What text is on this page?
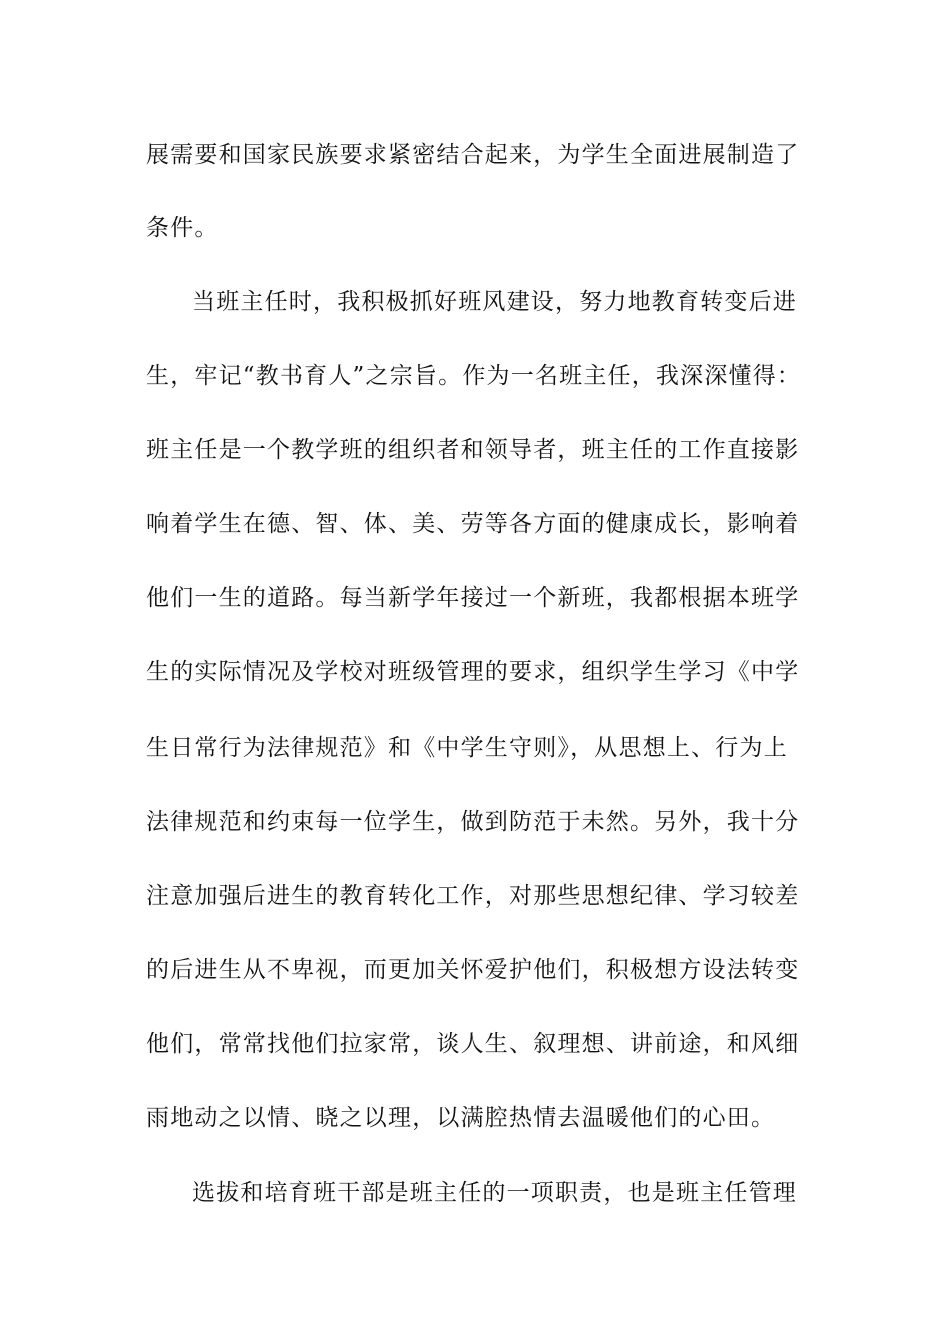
展需要和国家民族要求紧密结合起来，为学生全面进展制造了
条件。
当班主任时，我积极抓好班风建设，努力地教育转变后进
生，牢记“教书育人”之宗旨。作为一名班主任，我深深懂得：
班主任是一个教学班的组织者和领导者，班主任的工作直接影
响着学生在德、智、体、美、劳等各方面的健康成长，影响着
他们一生的道路。每当新学年接过一个新班，我都根据本班学
生的实际情况及学校对班级管理的要求，组织学生学习《中学
生日常行为法律规范》和《中学生守则》，从思想上、行为上
法律规范和约束每一位学生，做到防范于未然。另外，我十分
注意加强后进生的教育转化工作，对那些思想纪律、学习较差
的后进生从不卑视，而更加关怀爱护他们，积极想方设法转变
他们，常常找他们拉家常，谈人生、叙理想、讲前途，和风细
雨地动之以情、晓之以理，以满腔热情去温暖他们的心田。
选拔和培育班干部是班主任的一项职责，也是班主任管理
